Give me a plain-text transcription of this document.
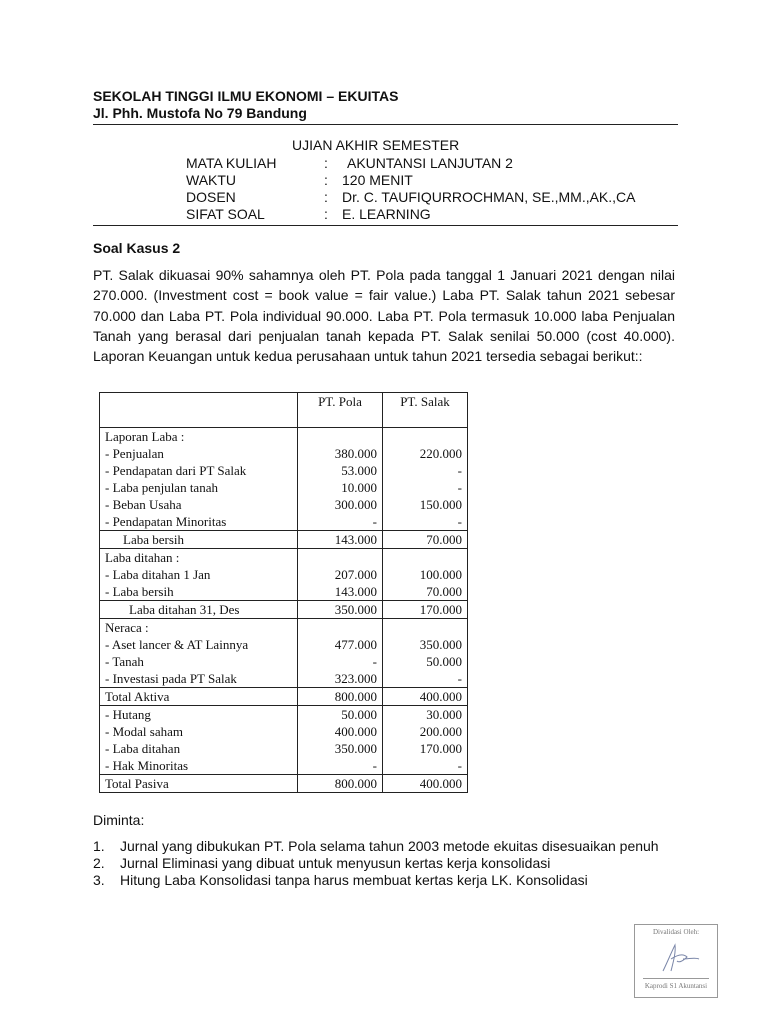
SEKOLAH TINGGI ILMU EKONOMI – EKUITAS
Jl. Phh. Mustofa No 79 Bandung
UJIAN AKHIR SEMESTER
MATA KULIAH	: AKUNTANSI LANJUTAN 2
WAKTU	: 120 MENIT
DOSEN	: Dr. C. TAUFIQURROCHMAN, SE.,MM.,AK.,CA
SIFAT SOAL	: E. LEARNING
Soal Kasus 2
PT. Salak dikuasai 90% sahamnya oleh PT. Pola pada tanggal 1 Januari 2021 dengan nilai 270.000. (Investment cost = book value = fair value.) Laba PT. Salak tahun 2021 sebesar 70.000 dan Laba PT. Pola individual 90.000. Laba PT. Pola termasuk 10.000 laba Penjualan Tanah yang berasal dari penjualan tanah kepada PT. Salak senilai 50.000 (cost 40.000). Laporan Keuangan untuk kedua perusahaan untuk tahun 2021 tersedia sebagai berikut::
	PT. Pola	PT. Salak
Laporan Laba :		
- Penjualan	380.000	220.000
- Pendapatan dari PT Salak	53.000	-
- Laba penjulan tanah	10.000	-
- Beban Usaha	300.000	150.000
- Pendapatan Minoritas	-	-
Laba bersih	143.000	70.000
Laba ditahan :		
- Laba ditahan 1 Jan	207.000	100.000
- Laba bersih	143.000	70.000
Laba ditahan 31, Des	350.000	170.000
Neraca :		
- Aset lancer & AT Lainnya	477.000	350.000
- Tanah	-	50.000
- Investasi pada PT Salak	323.000	-
Total Aktiva	800.000	400.000
- Hutang	50.000	30.000
- Modal saham	400.000	200.000
- Laba ditahan	350.000	170.000
- Hak Minoritas	-	-
Total Pasiva	800.000	400.000
Diminta:
1. Jurnal yang dibukukan PT. Pola selama tahun 2003 metode ekuitas disesuaikan penuh
2. Jurnal Eliminasi yang dibuat untuk menyusun kertas kerja konsolidasi
3. Hitung Laba Konsolidasi tanpa harus membuat kertas kerja LK. Konsolidasi
Divalidasi Oleh:
Kaprodi S1 Akuntansi
